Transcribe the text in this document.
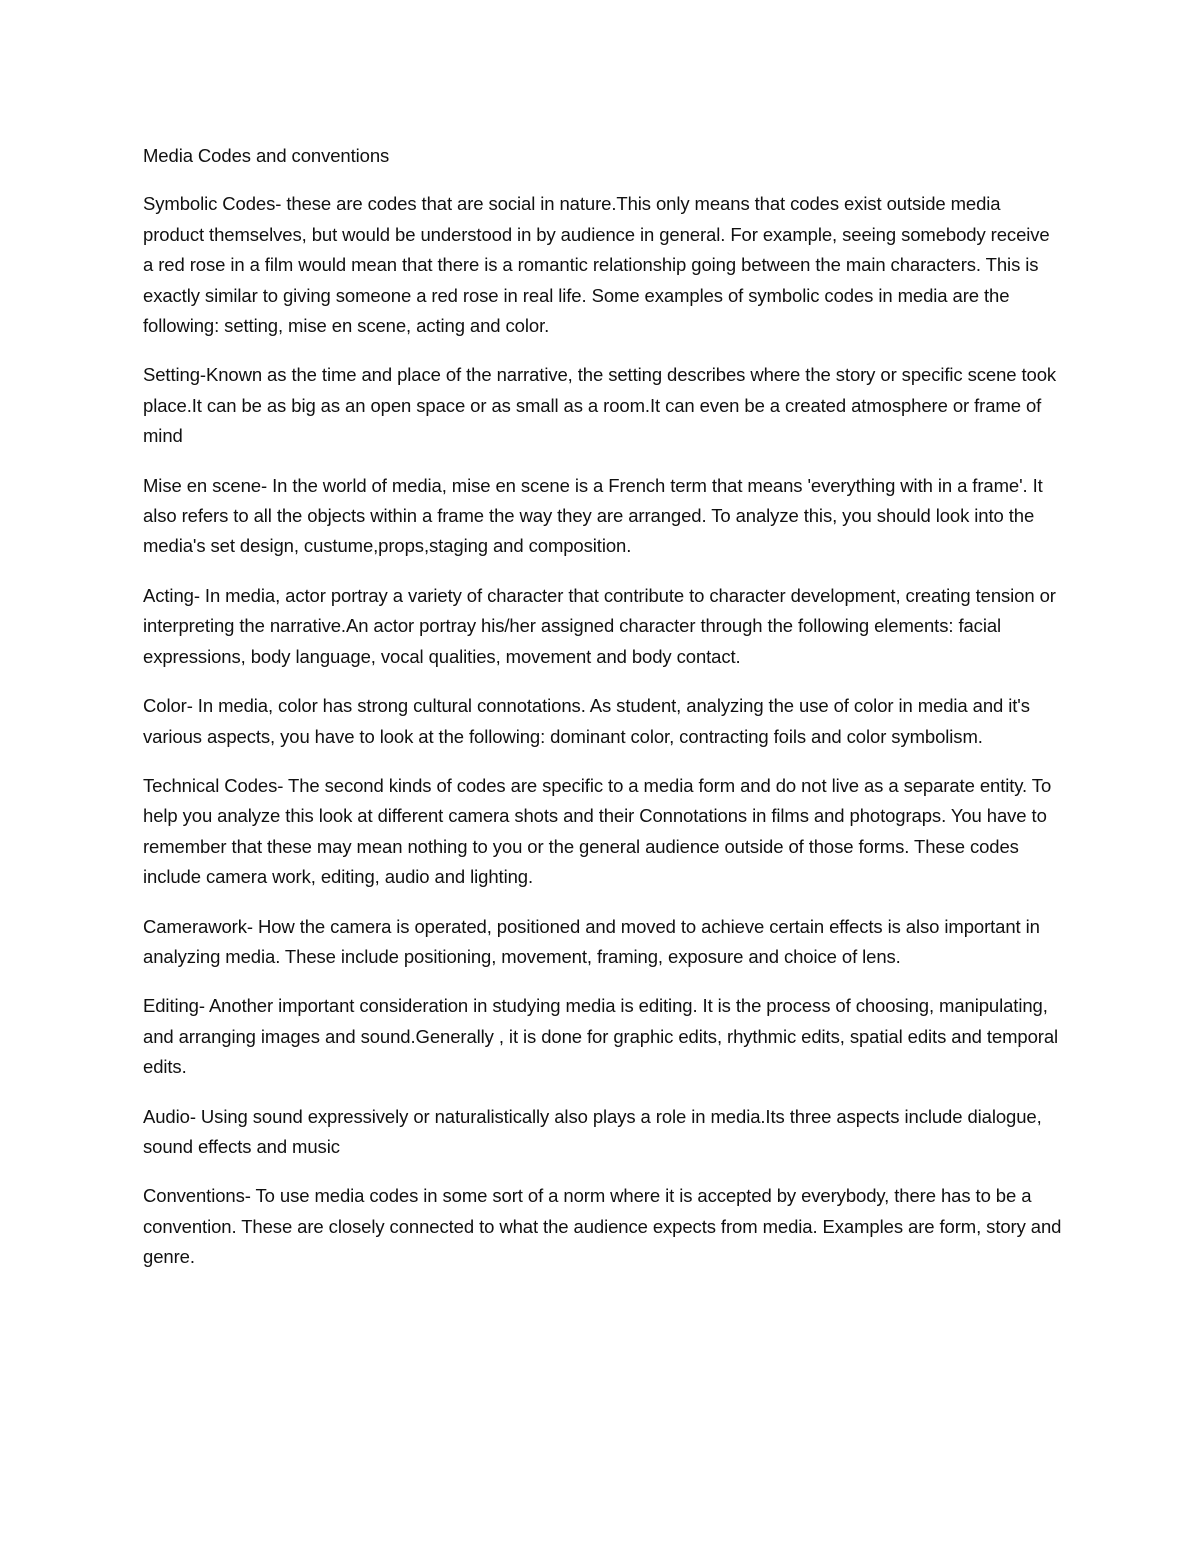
Media Codes and conventions

Symbolic Codes- these are codes that are social in nature.This only means that codes exist outside media product themselves, but would be understood in by audience in general. For example, seeing somebody receive a red rose in a film would mean that there is a romantic relationship going between the main characters. This is exactly similar to giving someone a red rose in real life. Some examples of symbolic codes in media are the following: setting, mise en scene, acting and color.

Setting-Known as the time and place of the narrative, the setting describes where the story or specific scene took place.It can be as big as an open space or as small as a room.It can even be a created atmosphere or frame of mind

Mise en scene- In the world of media, mise en scene is a French term that means 'everything with in a frame'. It also refers to all the objects within a frame the way they are arranged. To analyze this, you should look into the media's set design, custume,props,staging and composition.

Acting- In media, actor portray a variety of character that contribute to character development, creating tension or interpreting the narrative.An actor portray his/her assigned character through the following elements: facial expressions, body language, vocal qualities, movement and body contact.

Color- In media, color has strong cultural connotations. As student, analyzing the use of color in media and it's various aspects, you have to look at the following: dominant color, contracting foils and color symbolism.

Technical Codes- The second kinds of codes are specific to a media form and do not live as a separate entity. To help you analyze this look at different camera shots and their Connotations in films and photograps. You have to remember that these may mean nothing to you or the general audience outside of those forms. These codes include camera work, editing, audio and lighting.

Camerawork- How the camera is operated, positioned and moved to achieve certain effects is also important in analyzing media. These include positioning, movement, framing, exposure and choice of lens.

Editing- Another important consideration in studying media is editing. It is the process of choosing, manipulating, and arranging images and sound.Generally , it is done for graphic edits, rhythmic edits, spatial edits and temporal edits.

Audio- Using sound expressively or naturalistically also plays a role in media.Its three aspects include dialogue, sound effects and music

Conventions- To use media codes in some sort of a norm where it is accepted by everybody, there has to be a convention. These are closely connected to what the audience expects from media. Examples are form, story and genre.
